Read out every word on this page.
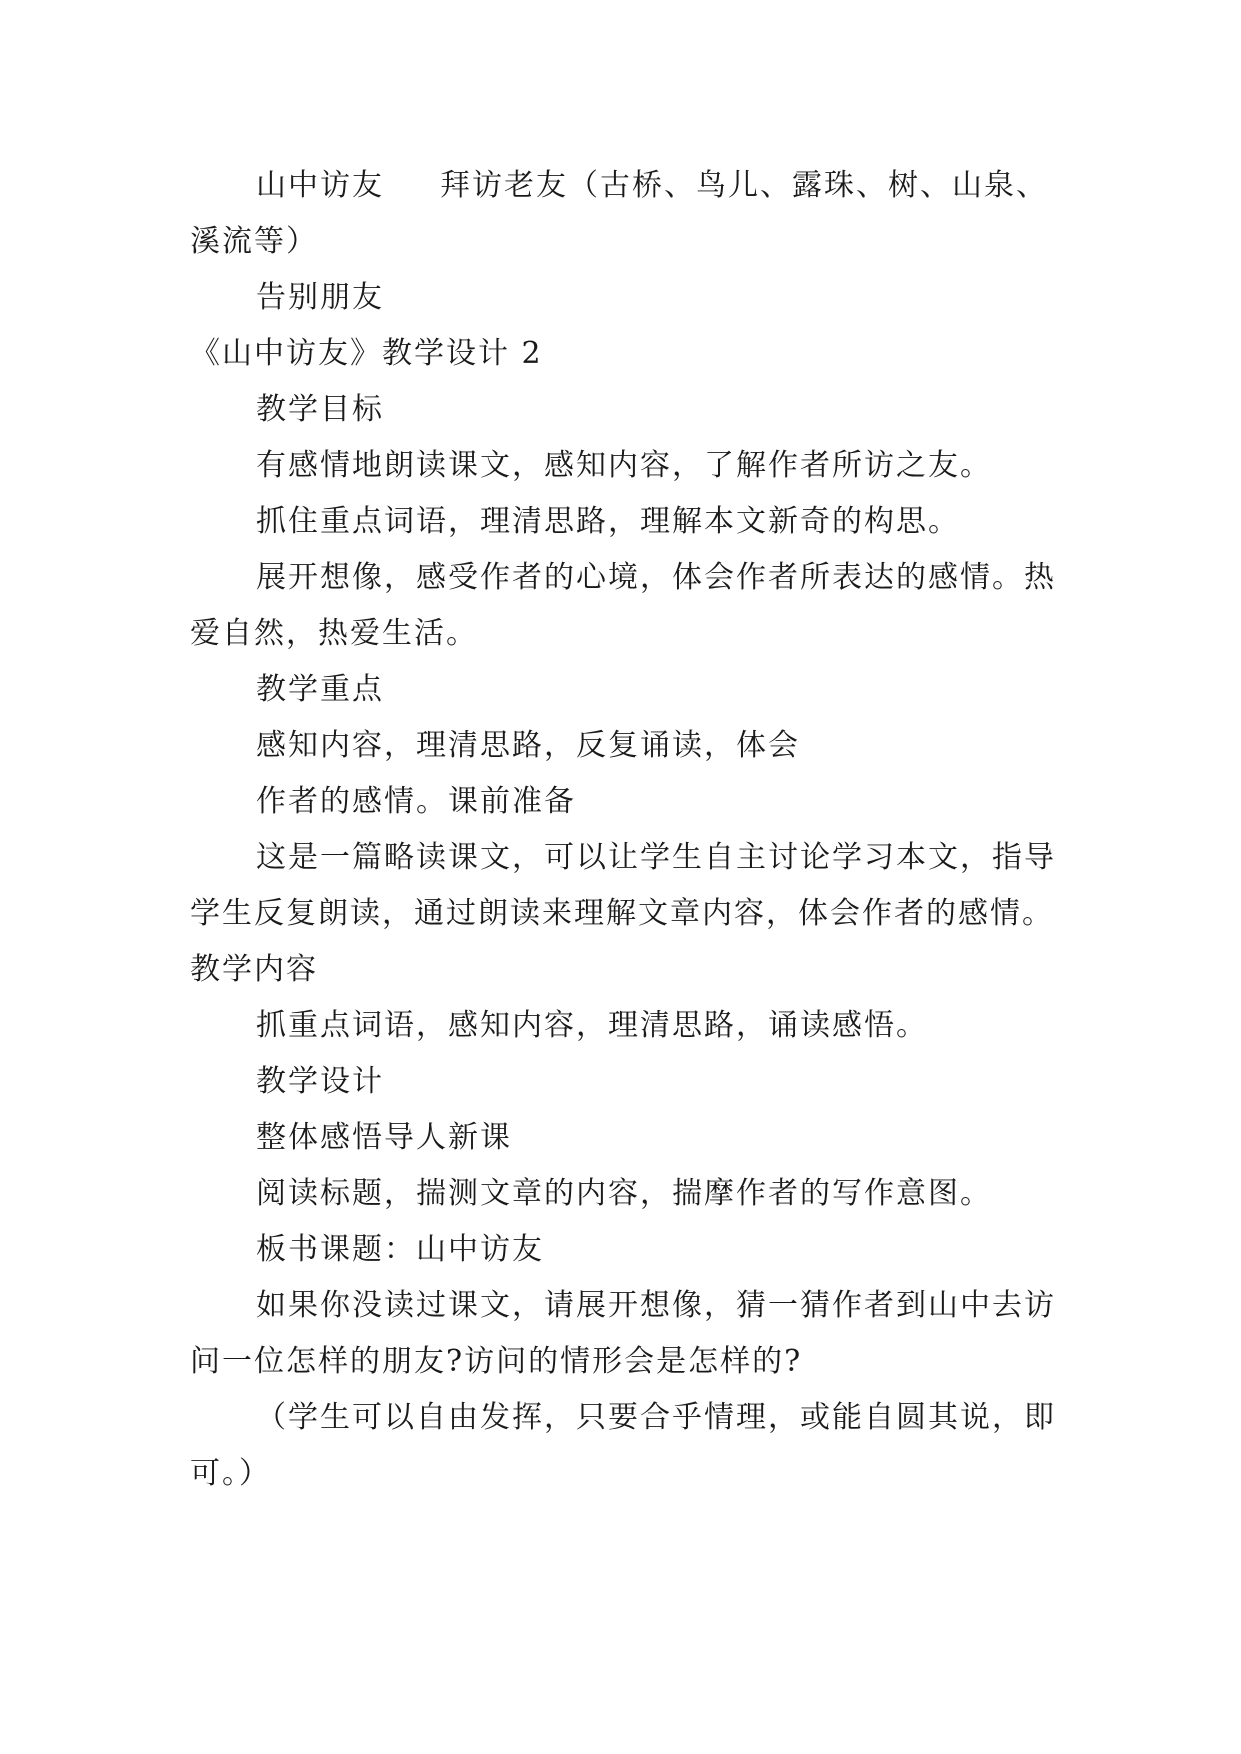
山中访友 拜访老友（古桥、鸟儿、露珠、树、山泉、溪流等）

告别朋友

《山中访友》教学设计 2

教学目标

有感情地朗读课文，感知内容，了解作者所访之友。

抓住重点词语，理清思路，理解本文新奇的构思。

展开想像，感受作者的心境，体会作者所表达的感情。热爱自然，热爱生活。

教学重点

感知内容，理清思路，反复诵读，体会

作者的感情。课前准备

这是一篇略读课文，可以让学生自主讨论学习本文，指导学生反复朗读，通过朗读来理解文章内容，体会作者的感情。教学内容

抓重点词语，感知内容，理清思路，诵读感悟。

教学设计

整体感悟导人新课

阅读标题，揣测文章的内容，揣摩作者的写作意图。

板书课题：山中访友

如果你没读过课文，请展开想像，猜一猜作者到山中去访问一位怎样的朋友?访问的情形会是怎样的?

（学生可以自由发挥，只要合乎情理，或能自圆其说，即可。）
